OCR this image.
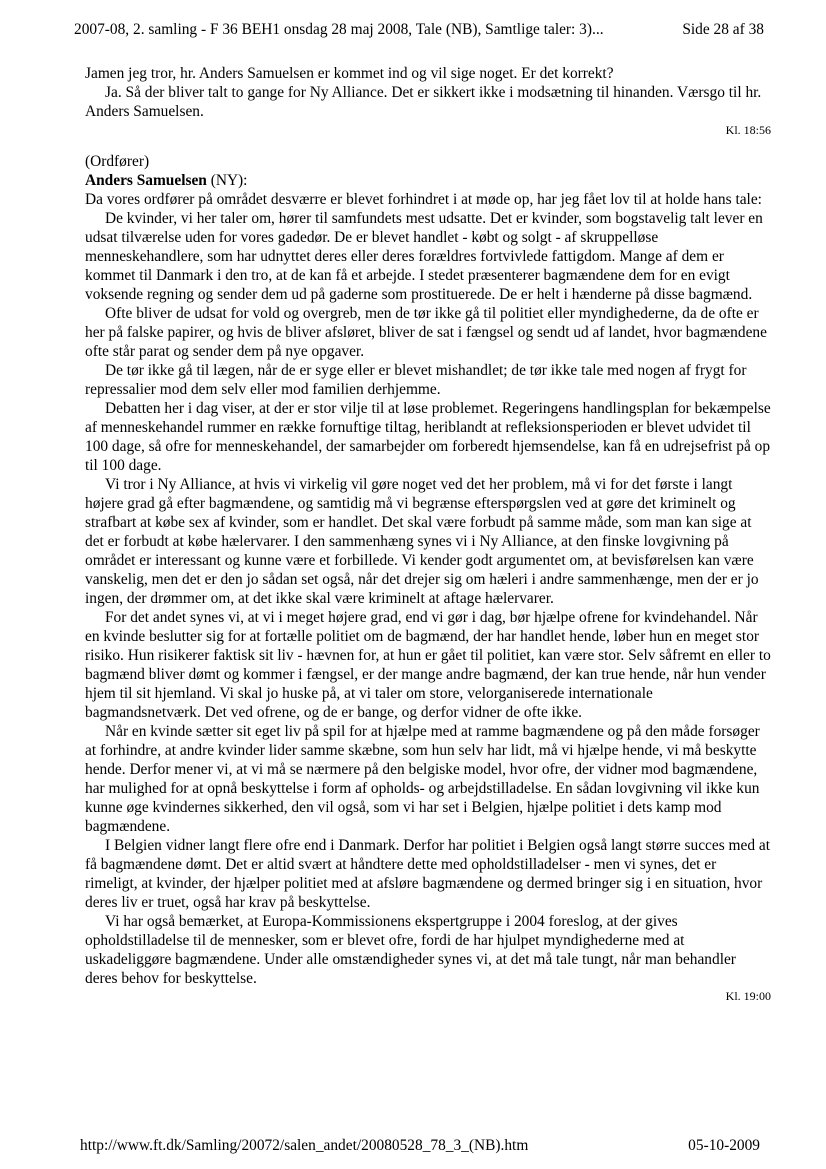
2007-08, 2. samling - F 36 BEH1 onsdag 28 maj 2008, Tale (NB), Samtlige taler: 3)...	Side 28 af 38

Jamen jeg tror, hr. Anders Samuelsen er kommet ind og vil sige noget. Er det korrekt?

Ja. Så der bliver talt to gange for Ny Alliance. Det er sikkert ikke i modsætning til hinanden. Værsgo til hr. Anders Samuelsen.

Kl. 18:56

(Ordfører)

Anders Samuelsen (NY):

Da vores ordfører på området desværre er blevet forhindret i at møde op, har jeg fået lov til at holde hans tale:

De kvinder, vi her taler om, hører til samfundets mest udsatte. Det er kvinder, som bogstavelig talt lever en udsat tilværelse uden for vores gadedør. De er blevet handlet - købt og solgt - af skruppelløse menneskehandlere, som har udnyttet deres eller deres forældres fortvivlede fattigdom. Mange af dem er kommet til Danmark i den tro, at de kan få et arbejde. I stedet præsenterer bagmændene dem for en evigt voksende regning og sender dem ud på gaderne som prostituerede. De er helt i hænderne på disse bagmænd.

Ofte bliver de udsat for vold og overgreb, men de tør ikke gå til politiet eller myndighederne, da de ofte er her på falske papirer, og hvis de bliver afsløret, bliver de sat i fængsel og sendt ud af landet, hvor bagmændene ofte står parat og sender dem på nye opgaver.

De tør ikke gå til lægen, når de er syge eller er blevet mishandlet; de tør ikke tale med nogen af frygt for repressalier mod dem selv eller mod familien derhjemme.

Debatten her i dag viser, at der er stor vilje til at løse problemet. Regeringens handlingsplan for bekæmpelse af menneskehandel rummer en række fornuftige tiltag, heriblandt at refleksionsperioden er blevet udvidet til 100 dage, så ofre for menneskehandel, der samarbejder om forberedt hjemsendelse, kan få en udrejsefrist på op til 100 dage.

Vi tror i Ny Alliance, at hvis vi virkelig vil gøre noget ved det her problem, må vi for det første i langt højere grad gå efter bagmændene, og samtidig må vi begrænse efterspørgslen ved at gøre det kriminelt og strafbart at købe sex af kvinder, som er handlet. Det skal være forbudt på samme måde, som man kan sige at det er forbudt at købe hælervarer. I den sammenhæng synes vi i Ny Alliance, at den finske lovgivning på området er interessant og kunne være et forbillede. Vi kender godt argumentet om, at bevisførelsen kan være vanskelig, men det er den jo sådan set også, når det drejer sig om hæleri i andre sammenhænge, men der er jo ingen, der drømmer om, at det ikke skal være kriminelt at aftage hælervarer.

For det andet synes vi, at vi i meget højere grad, end vi gør i dag, bør hjælpe ofrene for kvindehandel. Når en kvinde beslutter sig for at fortælle politiet om de bagmænd, der har handlet hende, løber hun en meget stor risiko. Hun risikerer faktisk sit liv - hævnen for, at hun er gået til politiet, kan være stor. Selv såfremt en eller to bagmænd bliver dømt og kommer i fængsel, er der mange andre bagmænd, der kan true hende, når hun vender hjem til sit hjemland. Vi skal jo huske på, at vi taler om store, velorganiserede internationale bagmandsnetværk. Det ved ofrene, og de er bange, og derfor vidner de ofte ikke.

Når en kvinde sætter sit eget liv på spil for at hjælpe med at ramme bagmændene og på den måde forsøger at forhindre, at andre kvinder lider samme skæbne, som hun selv har lidt, må vi hjælpe hende, vi må beskytte hende. Derfor mener vi, at vi må se nærmere på den belgiske model, hvor ofre, der vidner mod bagmændene, har mulighed for at opnå beskyttelse i form af opholds- og arbejdstilladelse. En sådan lovgivning vil ikke kun kunne øge kvindernes sikkerhed, den vil også, som vi har set i Belgien, hjælpe politiet i dets kamp mod bagmændene.

I Belgien vidner langt flere ofre end i Danmark. Derfor har politiet i Belgien også langt større succes med at få bagmændene dømt. Det er altid svært at håndtere dette med opholdstilladelser - men vi synes, det er rimeligt, at kvinder, der hjælper politiet med at afsløre bagmændene og dermed bringer sig i en situation, hvor deres liv er truet, også har krav på beskyttelse.

Vi har også bemærket, at Europa-Kommissionens ekspertgruppe i 2004 foreslog, at der gives opholdstilladelse til de mennesker, som er blevet ofre, fordi de har hjulpet myndighederne med at uskadeliggøre bagmændene. Under alle omstændigheder synes vi, at det må tale tungt, når man behandler deres behov for beskyttelse.

Kl. 19:00

http://www.ft.dk/Samling/20072/salen_andet/20080528_78_3_(NB).htm	05-10-2009
